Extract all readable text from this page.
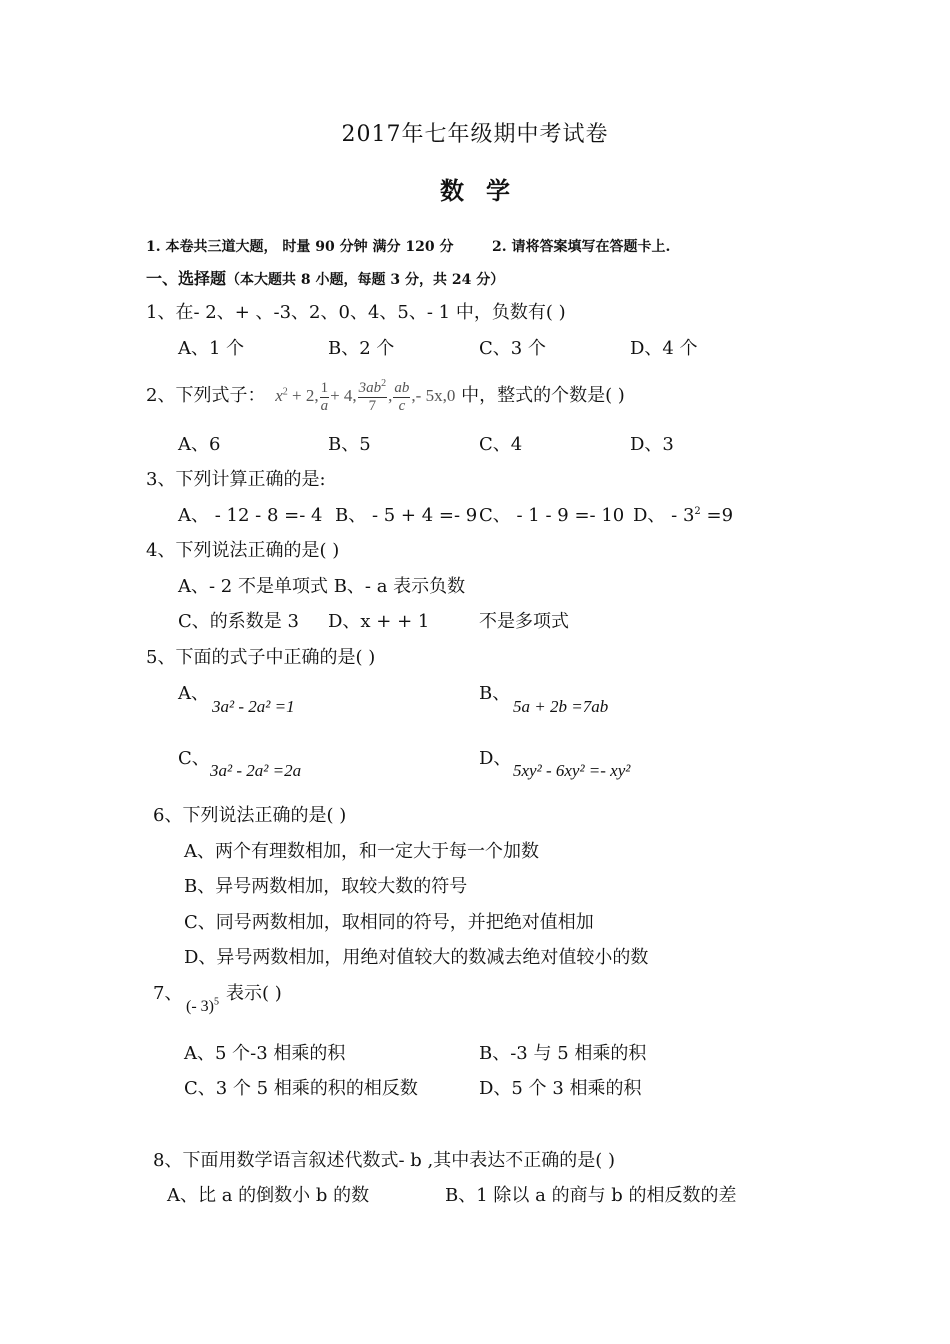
2017年七年级期中考试卷
数学
1. 本卷共三道大题， 时量 90 分钟 满分 120 分	2. 请将答案填写在答题卡上.
一、选择题（本大题共 8 小题，每题 3 分，共 24 分）
1、在- 2、+ 、-3、2、0、4、5、- 1 中，负数有( )
A、1 个	B、2 个	C、3 个	D、4 个
2、下列式子： $x^2 + 2$, $\frac{1}{a} + 4$, $\frac{3ab^2}{7}$ , $\frac{ab}{c}$ ,- 5x,0 中，整式的个数是( )
A、6	B、5	C、4	D、3
3、下列计算正确的是:
A、 - 12 - 8 =- 4 B、 - 5 + 4 =- 9 C、 - 1 - 9 =- 10 D、 - $3^2 =9$
4、下列说法正确的是( )
A、- 2 不是单项式 B、- a 表示负数
C、的系数是 3 D、x + + 1	不是多项式
5、下面的式子中正确的是( )
A、
3a² - 2a² =1
B、
5a + 2b =7ab
C、
3a² - 2a² =2a
D、
5xy² - 6xy² =- xy²
6、下列说法正确的是( )
A、两个有理数相加，和一定大于每一个加数
B、异号两数相加，取较大数的符号
C、同号两数相加，取相同的符号，并把绝对值相加
D、异号两数相加，用绝对值较大的数减去绝对值较小的数
7、
(- 3)$^5$ 表示( )
A、5 个-3 相乘的积	B、-3 与 5 相乘的积
C、3 个 5 相乘的积的相反数	D、5 个 3 相乘的积
8、下面用数学语言叙述代数式- b ,其中表达不正确的是( )
A、比 a 的倒数小 b 的数	B、1 除以 a 的商与 b 的相反数的差
